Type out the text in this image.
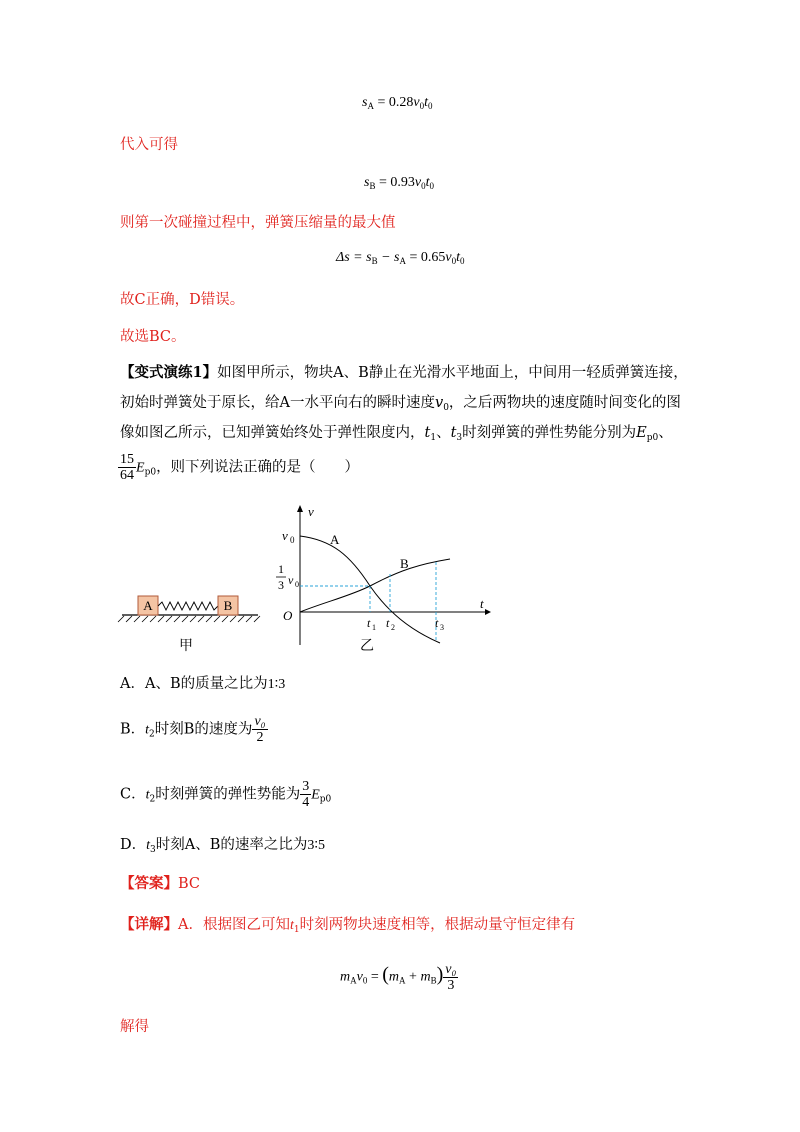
$s_A = 0.28v_0t_0$
代入可得
$s_B = 0.93v_0t_0$
则第一次碰撞过程中，弹簧压缩量的最大值
$\Delta s = s_B - s_A = 0.65v_0t_0$
故C正确，D错误。
故选BC。
【变式演练1】如图甲所示，物块A、B静止在光滑水平地面上，中间用一轻质弹簧连接，
初始时弹簧处于原长，给A一水平向右的瞬时速度$v_0$，之后两物块的速度随时间变化的图
像如图乙所示，已知弹簧始终处于弹性限度内，$t_1$、$t_3$时刻弹簧的弹性势能分别为$E_{p0}$、
$\frac{15}{64} E_{p0}$，则下列说法正确的是（　　）
A	B
甲
v
t
O
v 0
1
3 v 0
A
B
t 1 t 2	t 3
乙
A．A、B的质量之比为1∶3
B．$t_2$时刻B的速度为 $\frac{\text{v₀}}{2}$
C．$t_2$时刻弹簧的弹性势能为 $\frac{3}{4} E_{p0}$
D．$t_3$时刻A、B的速率之比为3∶5
【答案】BC
【详解】A．根据图乙可知$t_1$时刻两物块速度相等，根据动量守恒定律有
$m_Av_0 = (m_A + m_B) \frac{\text{v₀}}{3}$
解得
